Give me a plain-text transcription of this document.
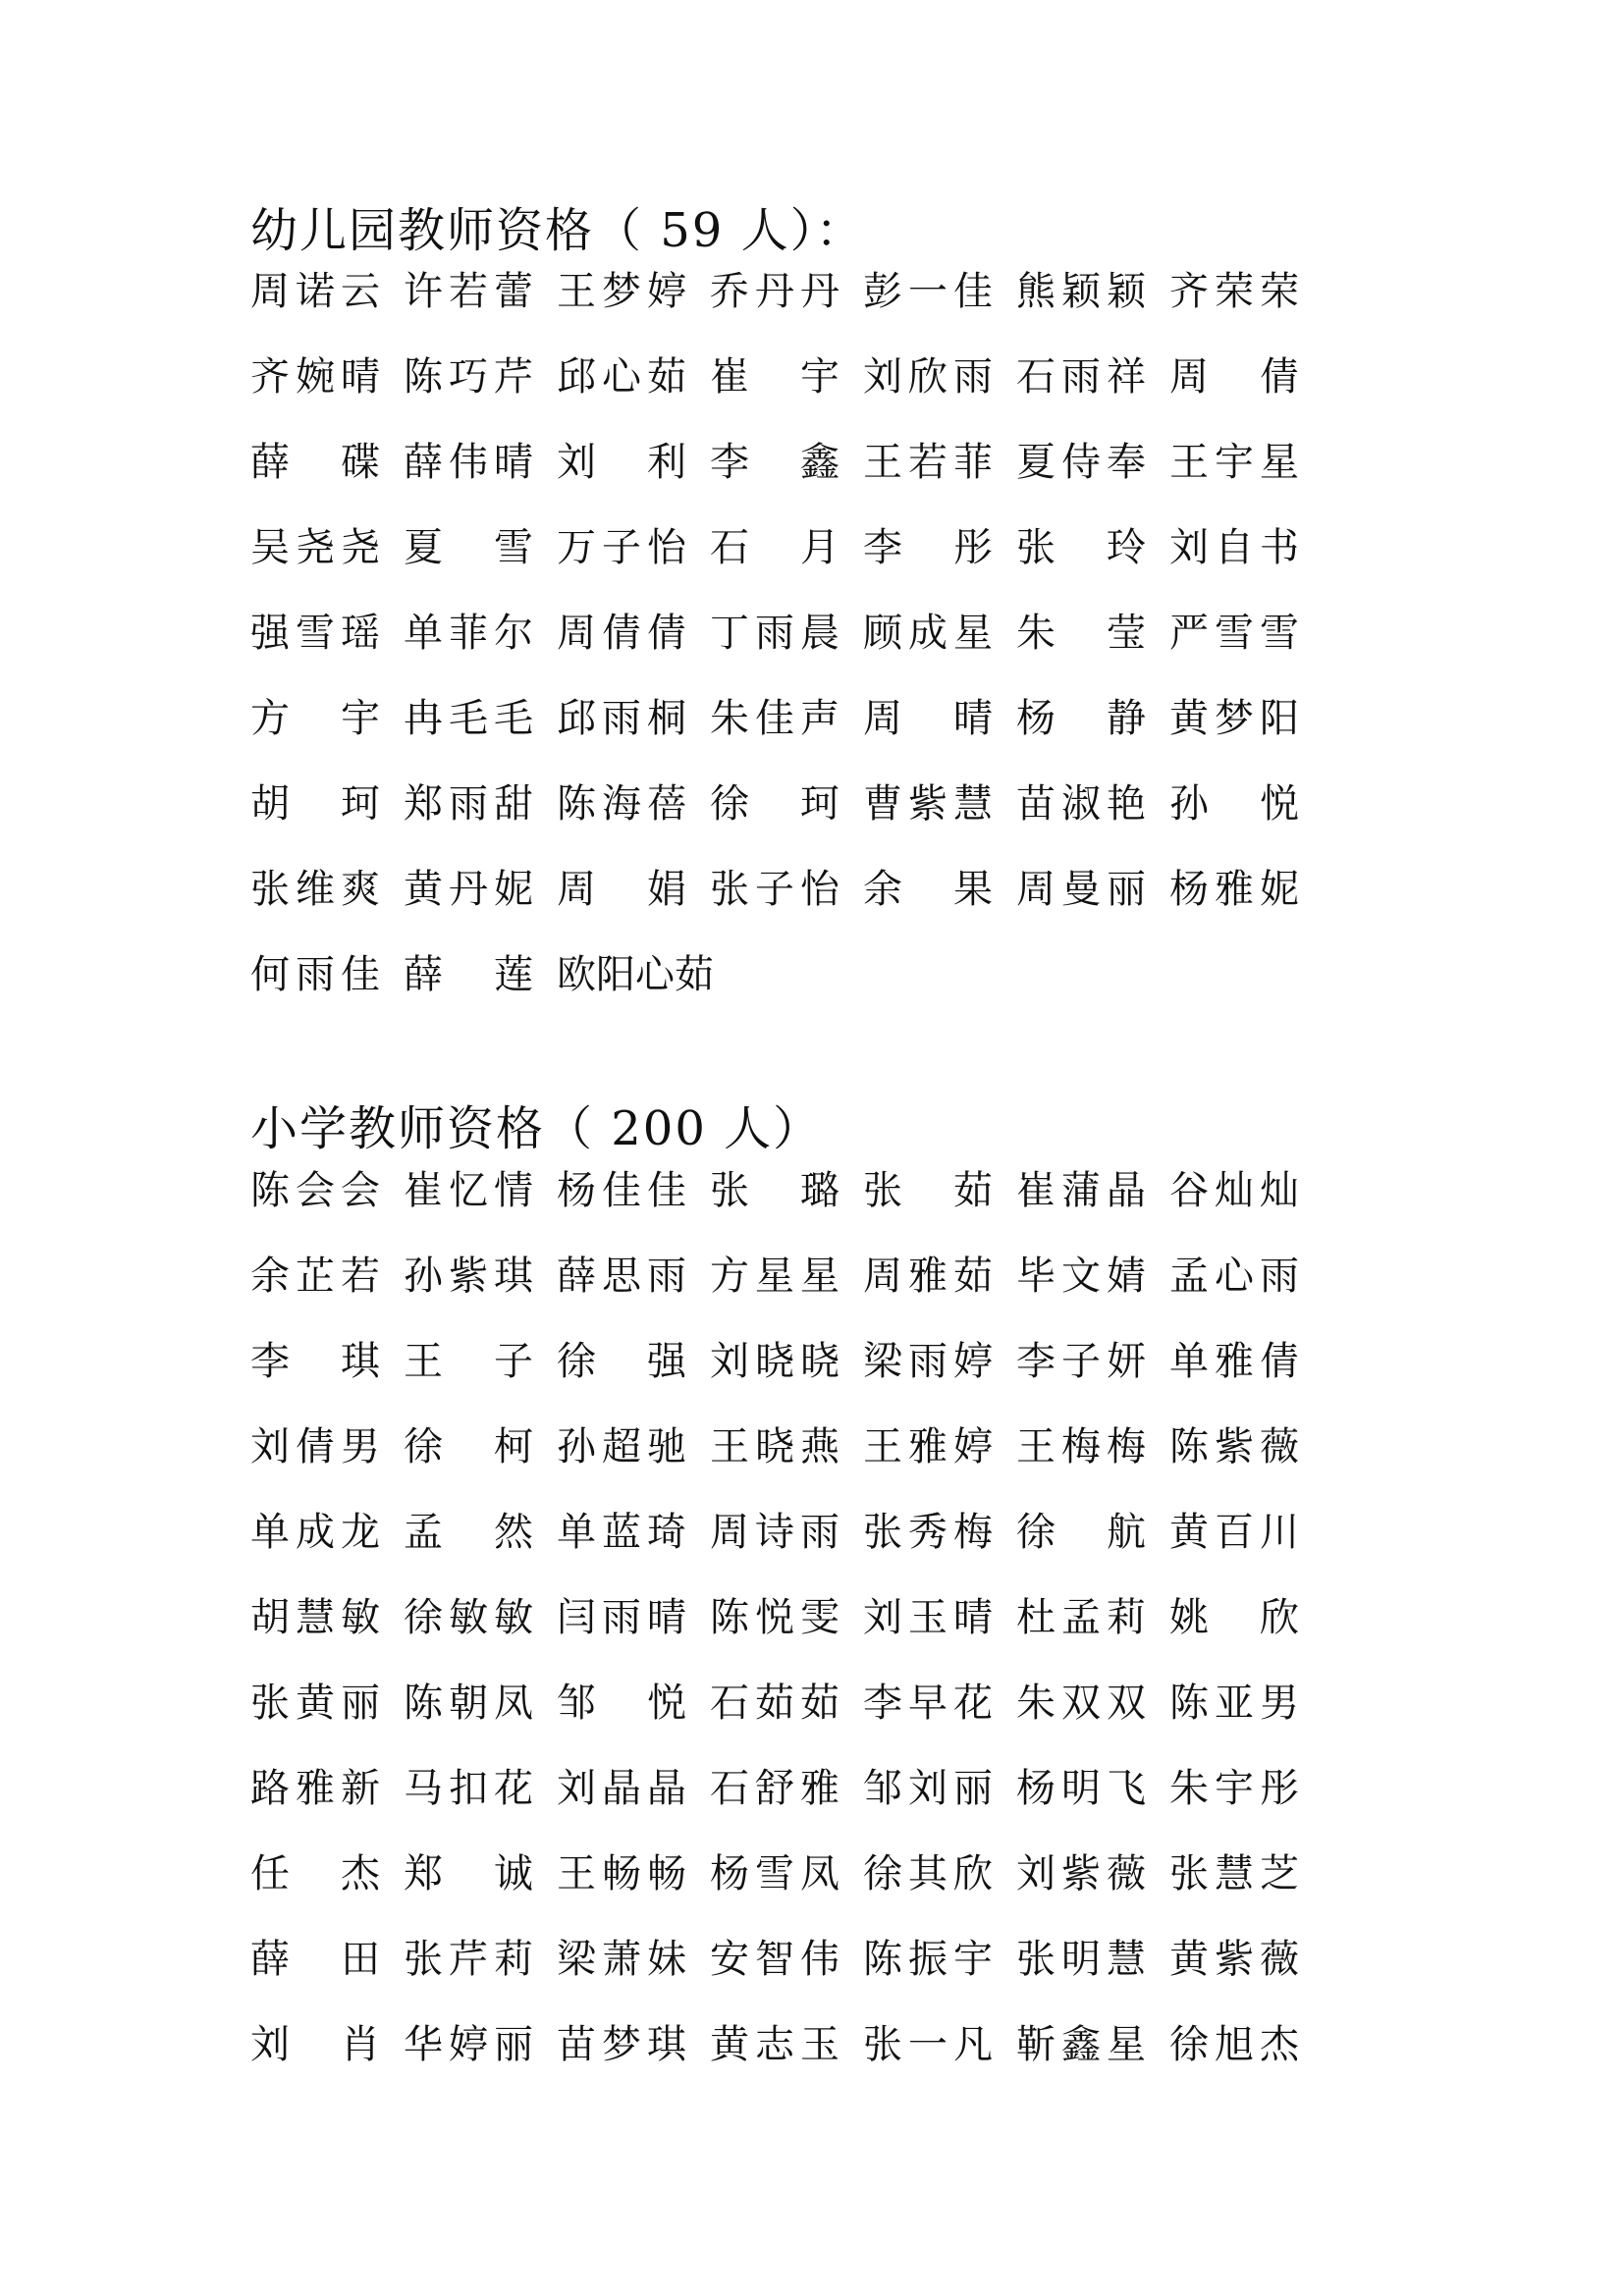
幼儿园教师资格（ 59 人）：
周 诺 云 许 若 蕾 王 梦 婷 乔 丹 丹 彭 一 佳 熊 颖 颖 齐 荣 荣
齐 婉 晴 陈 巧 芹 邱 心 茹 崔 宇 刘 欣 雨 石 雨 祥 周 倩
薛 碟 薛 伟 晴 刘 利 李 鑫 王 若 菲 夏 侍 奉 王 宇 星
吴 尧 尧 夏 雪 万 子 怡 石 月 李 彤 张 玲 刘 自 书
强 雪 瑶 单 菲 尔 周 倩 倩 丁 雨 晨 顾 成 星 朱 莹 严 雪 雪
方 宇 冉 毛 毛 邱 雨 桐 朱 佳 声 周 晴 杨 静 黄 梦 阳
胡 珂 郑 雨 甜 陈 海 蓓 徐 珂 曹 紫 慧 苗 淑 艳 孙 悦
张 维 爽 黄 丹 妮 周 娟 张 子 怡 余 果 周 曼 丽 杨 雅 妮
何 雨 佳 薛 莲 欧阳心茹
小学教师资格（ 200 人）
陈 会 会 崔 忆 情 杨 佳 佳 张 璐 张 茹 崔 蒲 晶 谷 灿 灿
余 芷 若 孙 紫 琪 薛 思 雨 方 星 星 周 雅 茹 毕 文 婧 孟 心 雨
李 琪 王 子 徐 强 刘 晓 晓 梁 雨 婷 李 子 妍 单 雅 倩
刘 倩 男 徐 柯 孙 超 驰 王 晓 燕 王 雅 婷 王 梅 梅 陈 紫 薇
单 成 龙 孟 然 单 蓝 琦 周 诗 雨 张 秀 梅 徐 航 黄 百 川
胡 慧 敏 徐 敏 敏 闫 雨 晴 陈 悦 雯 刘 玉 晴 杜 孟 莉 姚 欣
张 黄 丽 陈 朝 凤 邹 悦 石 茹 茹 李 早 花 朱 双 双 陈 亚 男
路 雅 新 马 扣 花 刘 晶 晶 石 舒 雅 邹 刘 丽 杨 明 飞 朱 宇 彤
任 杰 郑 诚 王 畅 畅 杨 雪 凤 徐 其 欣 刘 紫 薇 张 慧 芝
薛 田 张 芹 莉 梁 萧 妹 安 智 伟 陈 振 宇 张 明 慧 黄 紫 薇
刘 肖 华 婷 丽 苗 梦 琪 黄 志 玉 张 一 凡 靳 鑫 星 徐 旭 杰
